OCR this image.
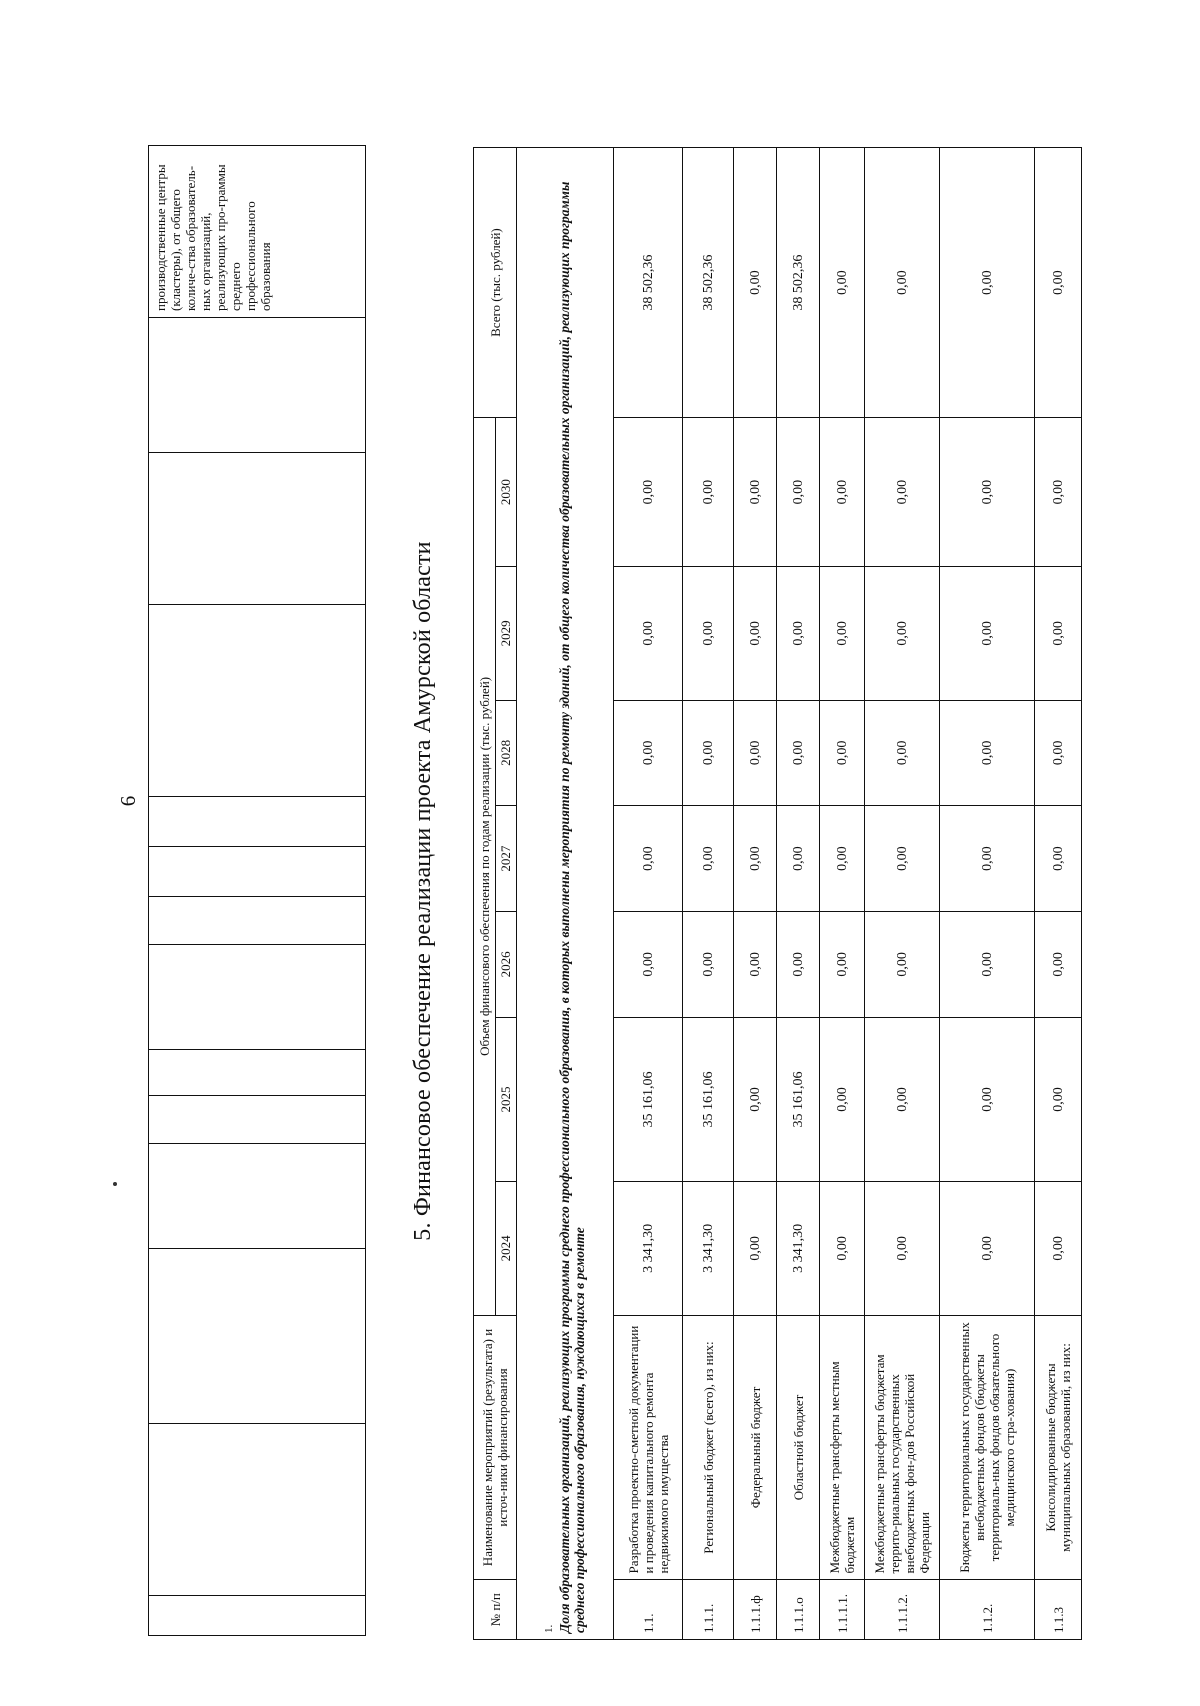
6
													производственные центры (кластеры), от общего количе-ства образователь-ных организаций, реализующих про-граммы среднего профессионального образования
5. Финансовое обеспечение реализации проекта Амурской области
№ п/п	Наименование мероприятий (результата) и источ-ники финансирования	Объем финансового обеспечения по годам реализации (тыс. рублей)							Всего (тыс. рублей)
		2024	2025	2026	2027	2028	2029	2030	

1. Доля образовательных организаций, реализующих программы среднего профессионального образования, в которых выполнены мероприятия по ремонту зданий, от общего количества образовательных организаций, реализующих программы среднего профессионального образования, нуждающихся в ремонте									
1.1.	Разработка проектно-сметной документации и проведения капитального ремонта недвижимого имущества	3 341,30	35 161,06	0,00	0,00	0,00	0,00	0,00	38 502,36
1.1.1.	Региональный бюджет (всего), из них:	3 341,30	35 161,06	0,00	0,00	0,00	0,00	0,00	38 502,36
1.1.1.ф	Федеральный бюджет	0,00	0,00	0,00	0,00	0,00	0,00	0,00	0,00
1.1.1.о	Областной бюджет	3 341,30	35 161,06	0,00	0,00	0,00	0,00	0,00	38 502,36
1.1.1.1.	Межбюджетные трансферты местным бюджетам	0,00	0,00	0,00	0,00	0,00	0,00	0,00	0,00
1.1.1.2.	Межбюджетные трансферты бюджетам террито-риальных государственных внебюджетных фон-дов Российской Федерации	0,00	0,00	0,00	0,00	0,00	0,00	0,00	0,00
1.1.2.	Бюджеты территориальных государственных внебюджетных фондов (бюджеты территориаль-ных фондов обязательного медицинского стра-хования)	0,00	0,00	0,00	0,00	0,00	0,00	0,00	0,00
1.1.3	Консолидированные бюджеты муниципальных образований, из них:	0,00	0,00	0,00	0,00	0,00	0,00	0,00	0,00
